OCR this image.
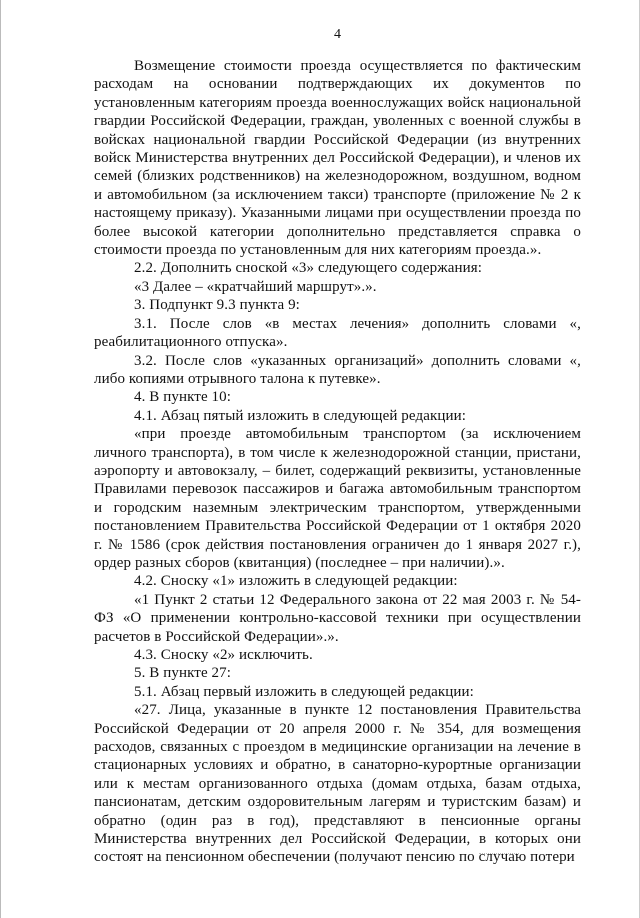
4

Возмещение стоимости проезда осуществляется по фактическим расходам на основании подтверждающих их документов по установленным категориям проезда военнослужащих войск национальной гвардии Российской Федерации, граждан, уволенных с военной службы в войсках национальной гвардии Российской Федерации (из внутренних войск Министерства внутренних дел Российской Федерации), и членов их семей (близких родственников) на железнодорожном, воздушном, водном и автомобильном (за исключением такси) транспорте (приложение № 2 к настоящему приказу). Указанными лицами при осуществлении проезда по более высокой категории дополнительно представляется справка о стоимости проезда по установленным для них категориям проезда.».

2.2. Дополнить сноской «3» следующего содержания:

«3 Далее – «кратчайший маршрут».».

3. Подпункт 9.3 пункта 9:

3.1. После слов «в местах лечения» дополнить словами «, реабилитационного отпуска».

3.2. После слов «указанных организаций» дополнить словами «, либо копиями отрывного талона к путевке».

4. В пункте 10:

4.1. Абзац пятый изложить в следующей редакции:

«при проезде автомобильным транспортом (за исключением личного транспорта), в том числе к железнодорожной станции, пристани, аэропорту и автовокзалу, – билет, содержащий реквизиты, установленные Правилами перевозок пассажиров и багажа автомобильным транспортом и городским наземным электрическим транспортом, утвержденными постановлением Правительства Российской Федерации от 1 октября 2020 г. № 1586 (срок действия постановления ограничен до 1 января 2027 г.), ордер разных сборов (квитанция) (последнее – при наличии).».

4.2. Сноску «1» изложить в следующей редакции:

«1 Пункт 2 статьи 12 Федерального закона от 22 мая 2003 г. № 54-ФЗ «О применении контрольно-кассовой техники при осуществлении расчетов в Российской Федерации».».

4.3. Сноску «2» исключить.

5. В пункте 27:

5.1. Абзац первый изложить в следующей редакции:

«27. Лица, указанные в пункте 12 постановления Правительства Российской Федерации от 20 апреля 2000 г. № 354, для возмещения расходов, связанных с проездом в медицинские организации на лечение в стационарных условиях и обратно, в санаторно-курортные организации или к местам организованного отдыха (домам отдыха, базам отдыха, пансионатам, детским оздоровительным лагерям и туристским базам) и обратно (один раз в год), представляют в пенсионные органы Министерства внутренних дел Российской Федерации, в которых они состоят на пенсионном обеспечении (получают пенсию по случаю потери
